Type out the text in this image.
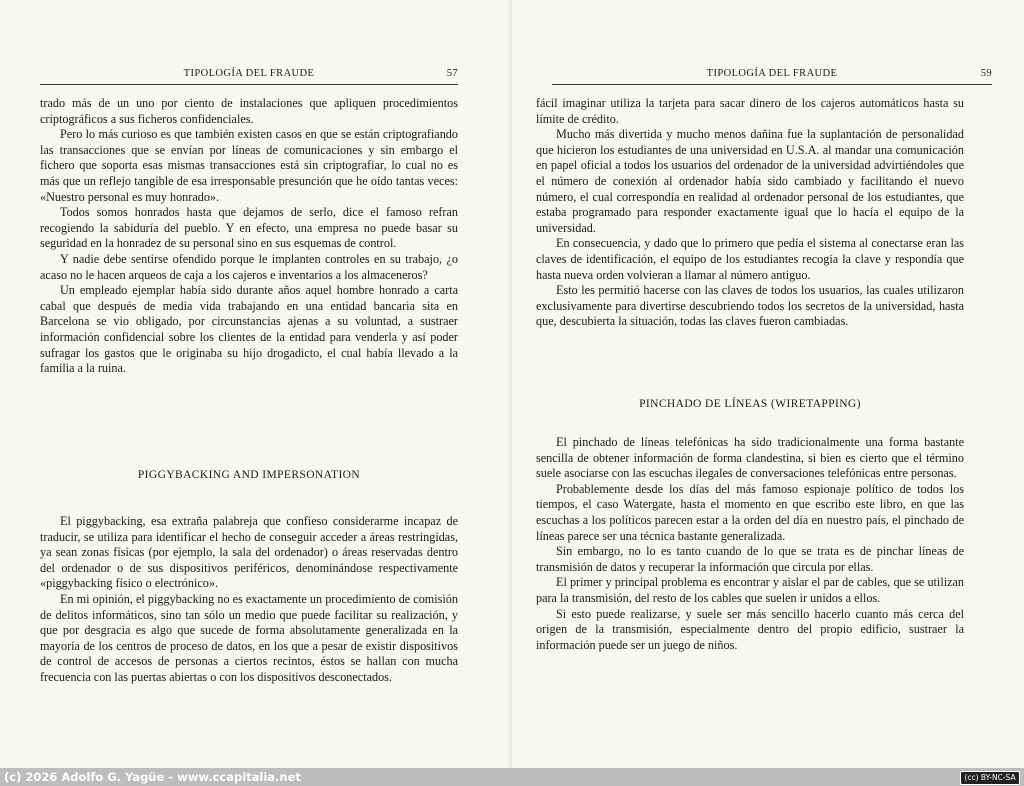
TIPOLOGÍA DEL FRAUDE	57

trado más de un uno por ciento de instalaciones que apliquen procedimientos criptográficos a sus ficheros confidenciales.

Pero lo más curioso es que también existen casos en que se están criptografiando las transacciones que se envían por líneas de comunicaciones y sin embargo el fichero que soporta esas mismas transacciones está sin criptografiar, lo cual no es más que un reflejo tangible de esa irresponsable presunción que he oído tantas veces: «Nuestro personal es muy honrado».

Todos somos honrados hasta que dejamos de serlo, dice el famoso refran recogiendo la sabiduría del pueblo. Y en efecto, una empresa no puede basar su seguridad en la honradez de su personal sino en sus esquemas de control.

Y nadie debe sentirse ofendido porque le implanten controles en su trabajo, ¿o acaso no le hacen arqueos de caja a los cajeros e inventarios a los almaceneros?

Un empleado ejemplar había sido durante años aquel hombre honrado a carta cabal que después de media vida trabajando en una entidad bancaria sita en Barcelona se vio obligado, por circunstancias ajenas a su voluntad, a sustraer información confidencial sobre los clientes de la entidad para venderla y así poder sufragar los gastos que le originaba su hijo drogadicto, el cual había llevado a la familia a la ruina.

PIGGYBACKING AND IMPERSONATION

El piggybacking, esa extraña palabreja que confieso considerarme incapaz de traducir, se utiliza para identificar el hecho de conseguir acceder a áreas restringidas, ya sean zonas físicas (por ejemplo, la sala del ordenador) o áreas reservadas dentro del ordenador o de sus dispositivos periféricos, denominándose respectivamente «piggybacking físico o electrónico».

En mi opinión, el piggybacking no es exactamente un procedimiento de comisión de delitos informáticos, sino tan sólo un medio que puede facilitar su realización, y que por desgracia es algo que sucede de forma absolutamente generalizada en la mayoría de los centros de proceso de datos, en los que a pesar de existir dispositivos de control de accesos de personas a ciertos recintos, éstos se hallan con mucha frecuencia con las puertas abiertas o con los dispositivos desconectados.

TIPOLOGÍA DEL FRAUDE	59

fácil imaginar utiliza la tarjeta para sacar dinero de los cajeros automáticos hasta su límite de crédito.

Mucho más divertida y mucho menos dañina fue la suplantación de personalidad que hicieron los estudiantes de una universidad en U.S.A. al mandar una comunicación en papel oficial a todos los usuarios del ordenador de la universidad advirtiéndoles que el número de conexión al ordenador había sido cambiado y facilitando el nuevo número, el cual correspondía en realidad al ordenador personal de los estudiantes, que estaba programado para responder exactamente igual que lo hacía el equipo de la universidad.

En consecuencia, y dado que lo primero que pedía el sistema al conectarse eran las claves de identificación, el equipo de los estudiantes recogía la clave y respondía que hasta nueva orden volvieran a llamar al número antiguo.

Esto les permitió hacerse con las claves de todos los usuarios, las cuales utilizaron exclusivamente para divertirse descubriendo todos los secretos de la universidad, hasta que, descubierta la situación, todas las claves fueron cambiadas.

PINCHADO DE LÍNEAS (WIRETAPPING)

El pinchado de líneas telefónicas ha sido tradicionalmente una forma bastante sencilla de obtener información de forma clandestina, si bien es cierto que el término suele asociarse con las escuchas ilegales de conversaciones telefónicas entre personas.

Probablemente desde los días del más famoso espionaje político de todos los tiempos, el caso Watergate, hasta el momento en que escribo este libro, en que las escuchas a los políticos parecen estar a la orden del día en nuestro país, el pinchado de líneas parece ser una técnica bastante generalizada.

Sin embargo, no lo es tanto cuando de lo que se trata es de pinchar líneas de transmisión de datos y recuperar la información que circula por ellas.

El primer y principal problema es encontrar y aislar el par de cables, que se utilizan para la transmisión, del resto de los cables que suelen ir unidos a ellos.

Si esto puede realizarse, y suele ser más sencillo hacerlo cuanto más cerca del origen de la transmisión, especialmente dentro del propio edificio, sustraer la información puede ser un juego de niños.

(c) 2026 Adolfo G. Yagüe - www.ccapitalia.net	(cc) BY-NC-SA
